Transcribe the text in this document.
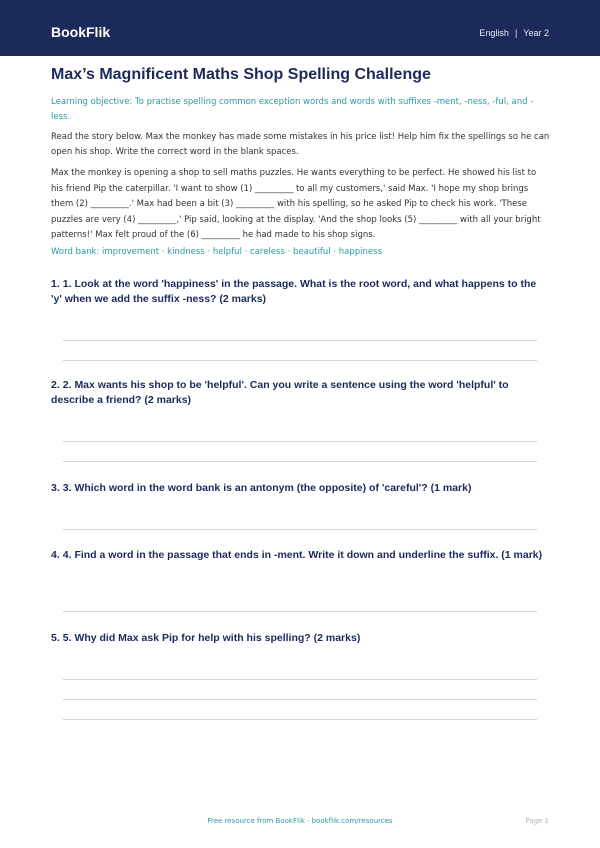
BookFlik	English | Year 2
Max’s Magnificent Maths Shop Spelling Challenge

Learning objective: To practise spelling common exception words and words with suffixes -ment, -ness, -ful, and -less.

Read the story below. Max the monkey has made some mistakes in his price list! Help him fix the spellings so he can open his shop. Write the correct word in the blank spaces.

Max the monkey is opening a shop to sell maths puzzles. He wants everything to be perfect. He showed his list to his friend Pip the caterpillar. 'I want to show (1) _________ to all my customers,' said Max. 'I hope my shop brings them (2) _________.' Max had been a bit (3) _________ with his spelling, so he asked Pip to check his work. 'These puzzles are very (4) _________,' Pip said, looking at the display. 'And the shop looks (5) _________ with all your bright patterns!' Max felt proud of the (6) _________ he had made to his shop signs.

Word bank: improvement · kindness · helpful · careless · beautiful · happiness

1. 1. Look at the word 'happiness' in the passage. What is the root word, and what happens to the 'y' when we add the suffix -ness? (2 marks)
2. 2. Max wants his shop to be 'helpful'. Can you write a sentence using the word 'helpful' to describe a friend? (2 marks)
3. 3. Which word in the word bank is an antonym (the opposite) of 'careful'? (1 mark)
4. 4. Find a word in the passage that ends in -ment. Write it down and underline the suffix. (1 mark)
5. 5. Why did Max ask Pip for help with his spelling? (2 marks)
Free resource from BookFlik · bookflik.com/resources	Page 1
